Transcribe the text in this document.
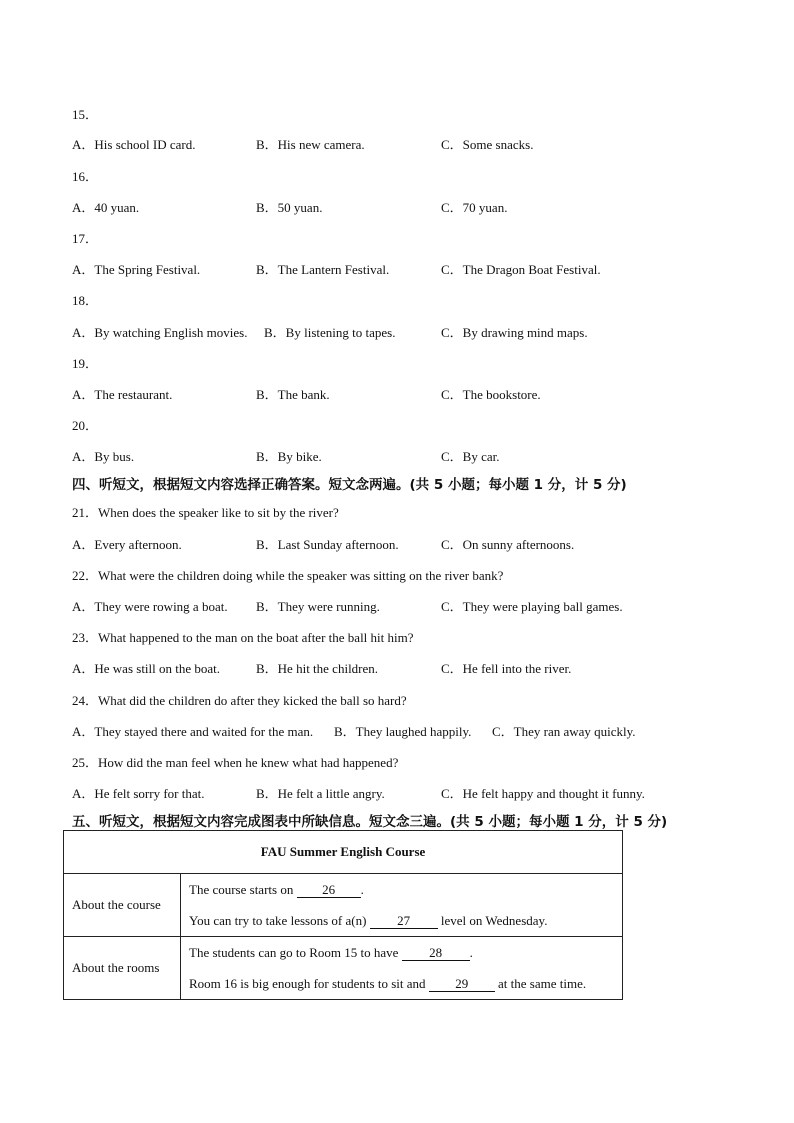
15．
A．His school ID card.	B．His new camera.	C．Some snacks.
16．
A．40 yuan.	B．50 yuan.	C．70 yuan.
17．
A．The Spring Festival.	B．The Lantern Festival.	C．The Dragon Boat Festival.
18．
A．By watching English movies. B．By listening to tapes.	C．By drawing mind maps.
19．
A．The restaurant.	B．The bank.	C．The bookstore.
20．
A．By bus.	B．By bike.	C．By car.
四、听短文，根据短文内容选择正确答案。短文念两遍。(共 5 小题；每小题 1 分，计 5 分)
21．When does the speaker like to sit by the river?
A．Every afternoon.	B．Last Sunday afternoon.	C．On sunny afternoons.
22．What were the children doing while the speaker was sitting on the river bank?
A．They were rowing a boat. B．They were running.	C．They were playing ball games.
23．What happened to the man on the boat after the ball hit him?
A．He was still on the boat.	B．He hit the children.	C．He fell into the river.
24．What did the children do after they kicked the ball so hard?
A．They stayed there and waited for the man. B．They laughed happily. C．They ran away quickly.
25．How did the man feel when he knew what had happened?
A．He felt sorry for that.	B．He felt a little angry.	C．He felt happy and thought it funny.
五、听短文，根据短文内容完成图表中所缺信息。短文念三遍。(共 5 小题；每小题 1 分，计 5 分)
FAU Summer English Course	
About the course	The course starts on 26 .
You can try to take lessons of a(n) 27 level on Wednesday.

About the rooms	The students can go to Room 15 to have 28 .
Room 16 is big enough for students to sit and 29 at the same time.
